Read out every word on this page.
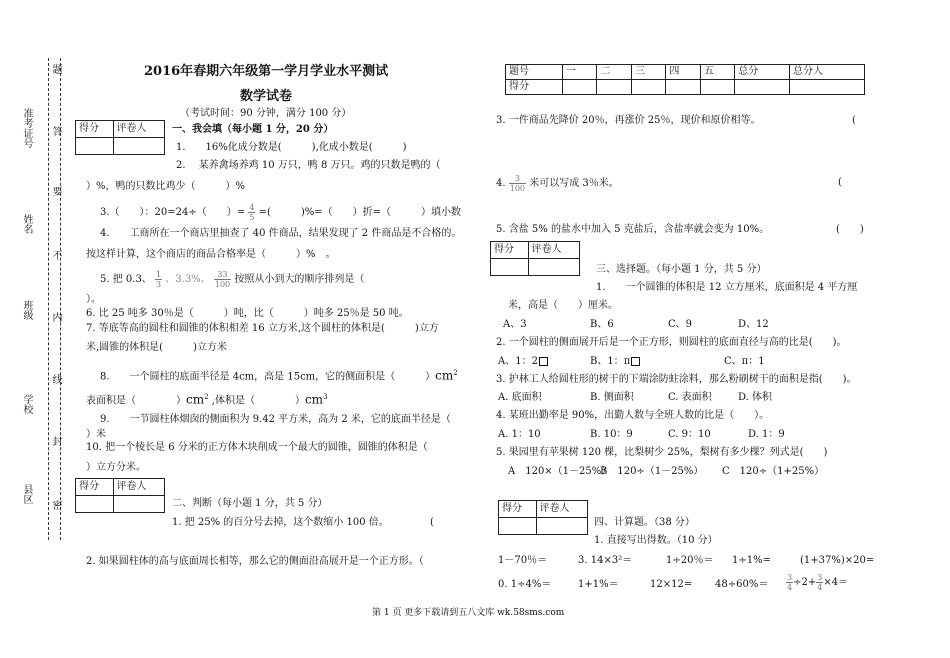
准考证号
姓名
班级
学校
县区
题
答
要
不
内
线
封
密
2016年春期六年级第一学月学业水平测试
数学试卷
（考试时间：90 分钟，满分 100 分）
题号	一	二	三	四	五	总分	总分人
得分							
得分	评卷人
		一、我会填（每小题 1 分，20 分）
1.　　16%化成分数是(　　　),化成小数是(　　　)
2.　 某养禽场养鸡 10 万只，鸭 8 万只。鸡的只数是鸭的（
）%，鸭的只数比鸡少（　　　）%
3.（　　）：20=24÷（　　）= $\frac{4}{5}$ =(　　　)%=（　　）折=（　　　）填小数
4.　　工商所在一个商店里抽查了 40 件商品，结果发现了 2 件商品是不合格的。
按这样计算，这个商店的商品合格率是（　　　）%　。
5. 把 0.3、 $\frac{1}{3}$ 、3.3%、 $\frac{33}{100}$ 按照从小到大的顺序排列是（
）。
6. 比 25 吨多 30％是（　　　）吨，比（　　　）吨多 25％是 50 吨。
7. 等底等高的圆柱和圆锥的体积相差 16 立方米,这个圆柱的体积是(　　　)立方
米,圆锥的体积是(　　　)立方米
8.　　一个圆柱的底面半径是 4cm，高是 15cm，它的侧面积是（　　　）$cm^2$
表面积是（　　　　）$cm^2$ ,体积是（　　　　）$cm^3$
9.　　一节圆柱体烟囱的侧面积为 9.42 平方米，高为 2 米，它的底面半径是（
）米
10. 把一个棱长是 6 分米的正方体木块削成一个最大的圆锥，圆锥的体积是（
）立方分米。
得分	评卷人

二、判断（每小题 1 分，共 5 分）
1. 把 25% 的百分号去掉，这个数缩小 100 倍。	(
2. 如果圆柱体的高与底面周长相等，那么它的侧面沿高展开是一个正方形。（
3. 一件商品先降价 20％，再涨价 25％，现价和原价相等。	(
4. $\frac{3}{100}$ 米可以写成 3％米。	(
5. 含盐 5% 的盐水中加入 5 克盐后，含盐率就会变为 10%。	(　　)
得分	评卷人

三、选择题。（每小题 1 分，共 5 分）
1.　　一个圆锥的体积是 12 立方厘米，底面积是 4 平方厘
米，高是（　　）厘米。
A、3	B、6	C、9	D、12
2. 一个圆柱的侧面展开后是一个正方形，则圆柱的底面直径与高的比是(　　)。
A、1：2	B、1：π	C、π：1
3. 护林工人给圆柱形的树干的下端涂防蛀涂料，那么粉刷树干的面积是指(　　)。
A. 底面积	B. 侧面积	C. 表面积	D. 体积
4. 某班出勤率是 90%，出勤人数与全班人数的比是（　　）。
A. 1：10	B. 10：9	C. 9：10	D. 1：9
5. 果园里有苹果树 120 棵，比梨树少 25%，梨树有多少棵？列式是(　　)
A　120×（1－25%）
B　120÷（1－25%） C　120÷（1+25%）
得分	评卷人

四、计算题。（38 分）
1. 直接写出得数。（10 分）
1－70％＝	3. 14×3²＝	1÷20％＝ 1÷1%=	(1+37%)×20=
0. 1÷4%＝	1+1%＝	$12\times 12= 48\div 60\%= \frac{3}{4} \div 2+ \frac{3}{4} \times 4=$
第 1 页 更多下载请到五八文库 wk.58sms.com
